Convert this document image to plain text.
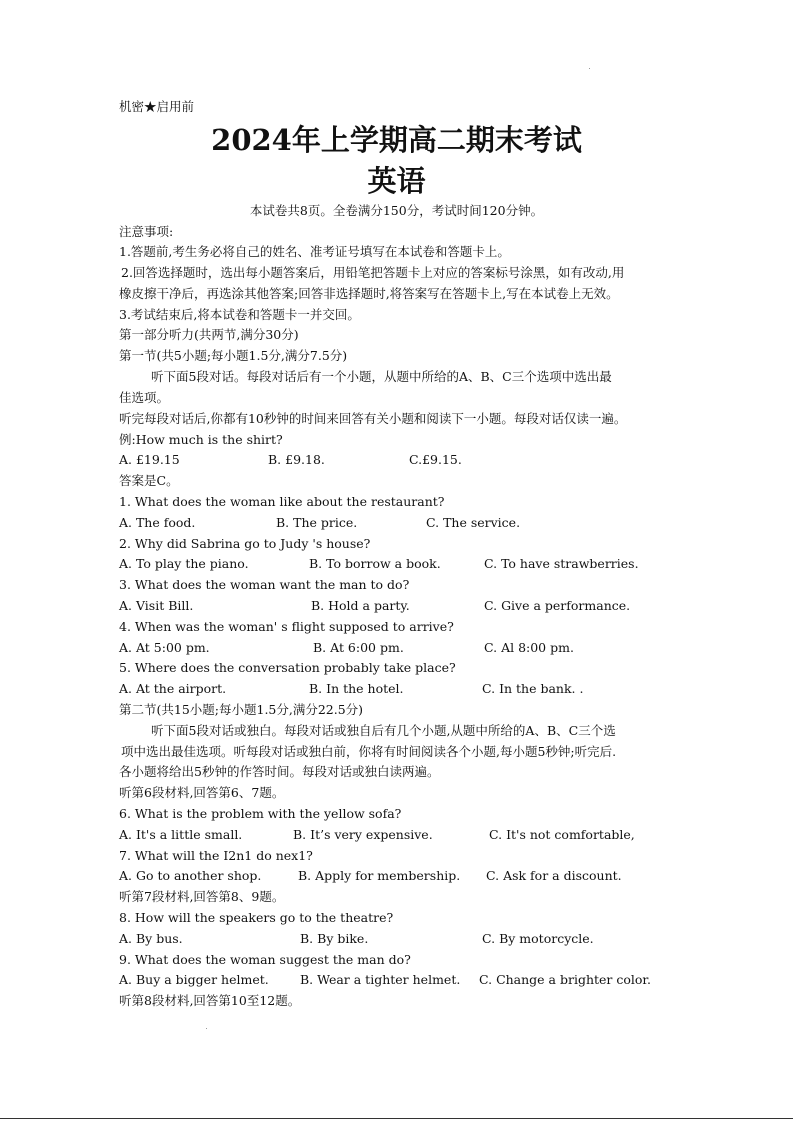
机密★启用前
2024年上学期高二期末考试
英语
本试卷共8页。全卷满分150分，考试时间120分钟。
注意事项:
1.答题前,考生务必将自己的姓名、准考证号填写在本试卷和答题卡上。
2.回答选择题时，选出每小题答案后，用铅笔把答题卡上对应的答案标号涂黑，如有改动,用
橡皮擦干净后，再选涂其他答案;回答非选择题时,将答案写在答题卡上,写在本试卷上无效。
3.考试结束后,将本试卷和答题卡一并交回。
第一部分听力(共两节,满分30分)
第一节(共5小题;每小题1.5分,满分7.5分)
听下面5段对话。每段对话后有一个小题，从题中所给的A、B、C三个选项中选出最
佳选项。
听完每段对话后,你都有10秒钟的时间来回答有关小题和阅读下一小题。每段对话仅读一遍。
例:How much is the shirt?
A. £19.15	B. £9.18.	C.£9.15.
答案是C。
1. What does the woman like about the restaurant?
A. The food.	B. The price.	C. The service.
2. Why did Sabrina go to Judy 's house?
A. To play the piano.	B. To borrow a book.	C. To have strawberries.
3. What does the woman want the man to do?
A. Visit Bill.	B. Hold a party.	C. Give a performance.
4. When was the woman' s flight supposed to arrive?
A. At 5:00 pm.	B. At 6:00 pm.	C. Al 8:00 pm.
5. Where does the conversation probably take place?
A. At the airport.	B. In the hotel.	C. In the bank. .
第二节(共15小题;每小题1.5分,满分22.5分)
听下面5段对话或独白。每段对话或独自后有几个小题,从题中所给的A、B、C三个选
项中选出最佳选项。听每段对话或独白前，你将有时间阅读各个小题,每小题5秒钟;听完后.
各小题将给出5秒钟的作答时间。每段对话或独白读两遍。
听第6段材料,回答第6、7题。
6. What is the problem with the yellow sofa?
A. It's a little small.	B. It’s very expensive.	C. It's not comfortable,
7. What will the I2n1 do nex1?
A. Go to another shop.	B. Apply for membership. C. Ask for a discount.
听第7段材料,回答第8、9题。
8. How will the speakers go to the theatre?
A. By bus.	B. By bike.	C. By motorcycle.
9. What does the woman suggest the man do?
A. Buy a bigger helmet.	B. Wear a tighter helmet. C. Change a brighter color.
听第8段材料,回答第10至12题。
